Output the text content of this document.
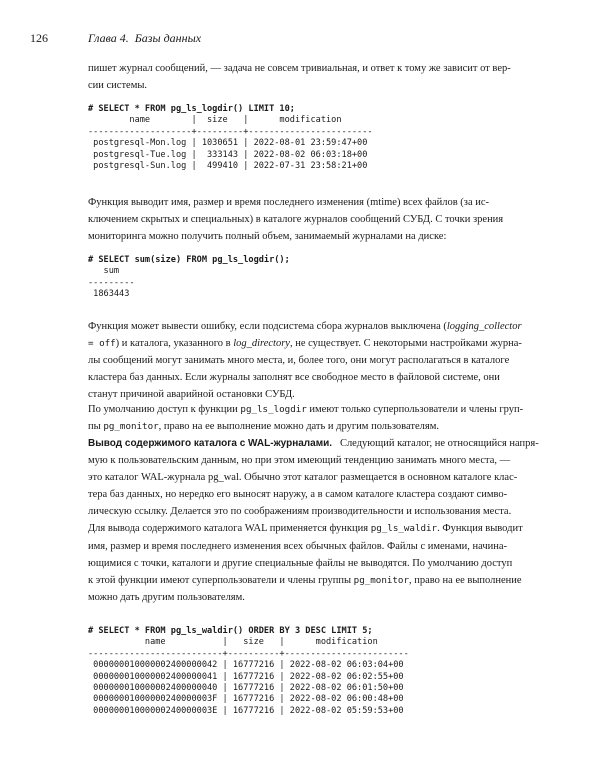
126	Глава 4. Базы данных
пишет журнал сообщений, — задача не совсем тривиальная, и ответ к тому же зависит от вер-
сии системы.
# SELECT * FROM pg_ls_logdir() LIMIT 10;
name        |  size   |      modification
--------------------+---------+------------------------
postgresql-Mon.log | 1030651 | 2022-08-01 23:59:47+00
postgresql-Tue.log |  333143 | 2022-08-02 06:03:18+00
postgresql-Sun.log |  499410 | 2022-07-31 23:58:21+00
Функция выводит имя, размер и время последнего изменения (mtime) всех файлов (за ис-
ключением скрытых и специальных) в каталоге журналов сообщений СУБД. С точки зрения
мониторинга можно получить полный объем, занимаемый журналами на диске:
# SELECT sum(size) FROM pg_ls_logdir();
sum
---------
1863443
Функция может вывести ошибку, если подсистема сбора журналов выключена (logging_collector
= off) и каталога, указанного в log_directory, не существует. С некоторыми настройками журна-
лы сообщений могут занимать много места, и, более того, они могут располагаться в каталоге
кластера баз данных. Если журналы заполнят все свободное место в файловой системе, они
станут причиной аварийной остановки СУБД.
По умолчанию доступ к функции pg_ls_logdir имеют только суперпользователи и члены груп-
пы pg_monitor, право на ее выполнение можно дать и другим пользователям.
Вывод содержимого каталога с WAL-журналами. Следующий каталог, не относящийся напря-
мую к пользовательским данным, но при этом имеющий тенденцию занимать много места, —
это каталог WAL-журнала pg_wal. Обычно этот каталог размещается в основном каталоге клас-
тера баз данных, но нередко его выносят наружу, а в самом каталоге кластера создают симво-
лическую ссылку. Делается это по соображениям производительности и использования места.
Для вывода содержимого каталога WAL применяется функция pg_ls_waldir. Функция выводит
имя, размер и время последнего изменения всех обычных файлов. Файлы с именами, начина-
ющимися с точки, каталоги и другие специальные файлы не выводятся. По умолчанию доступ
к этой функции имеют суперпользователи и члены группы pg_monitor, право на ее выполнение
можно дать другим пользователям.
# SELECT * FROM pg_ls_waldir() ORDER BY 3 DESC LIMIT 5;
name           |   size   |      modification
--------------------------+----------+------------------------
000000010000002400000042 | 16777216 | 2022-08-02 06:03:04+00
000000010000002400000041 | 16777216 | 2022-08-02 06:02:55+00
000000010000002400000040 | 16777216 | 2022-08-02 06:01:50+00
00000001000000240000003F | 16777216 | 2022-08-02 06:00:48+00
00000001000000240000003E | 16777216 | 2022-08-02 05:59:53+00
